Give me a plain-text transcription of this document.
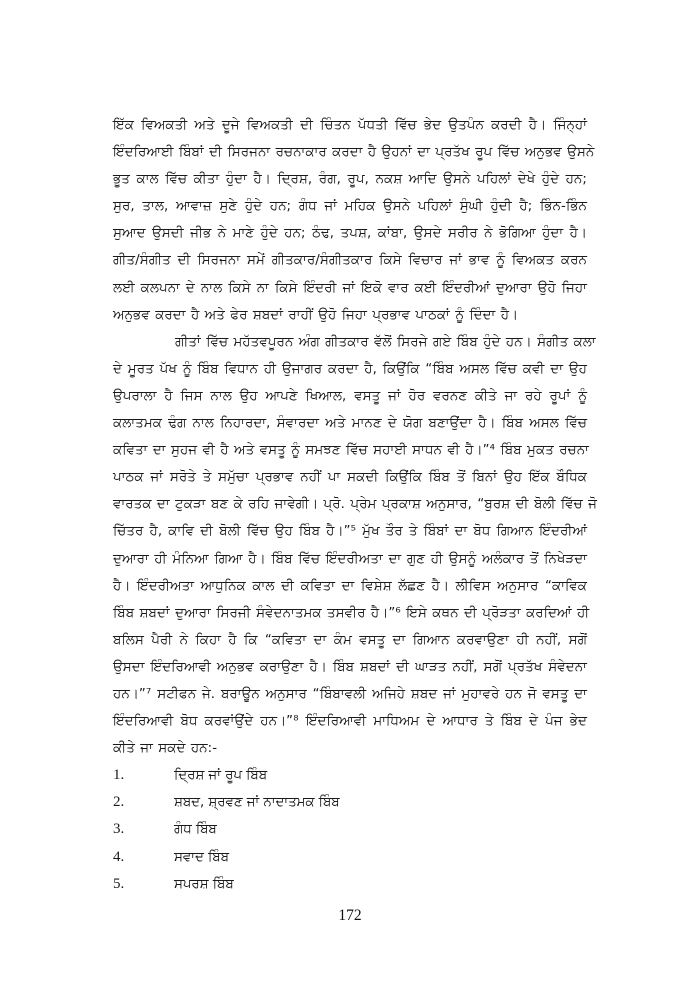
ਇੱਕ ਵਿਅਕਤੀ ਅਤੇ ਦੂਜੇ ਵਿਅਕਤੀ ਦੀ ਚਿੰਤਨ ਪੱਧਤੀ ਵਿੱਚ ਭੇਦ ਉਤਪੰਨ ਕਰਦੀ ਹੈ। ਜਿੰਨ੍ਹਾਂ
ਇੰਦਰਿਆਈ ਬਿੰਬਾਂ ਦੀ ਸਿਰਜਨਾ ਰਚਨਾਕਾਰ ਕਰਦਾ ਹੈ ਉਹਨਾਂ ਦਾ ਪ੍ਰਤੱਖ ਰੂਪ ਵਿੱਚ ਅਨੁਭਵ ਉਸਨੇ
ਭੂਤ ਕਾਲ ਵਿੱਚ ਕੀਤਾ ਹੁੰਦਾ ਹੈ। ਦ੍ਰਿਸ਼, ਰੰਗ, ਰੂਪ, ਨਕਸ਼ ਆਦਿ ਉਸਨੇ ਪਹਿਲਾਂ ਦੇਖੇ ਹੁੰਦੇ ਹਨ;
ਸੁਰ, ਤਾਲ, ਆਵਾਜ਼ ਸੁਣੇ ਹੁੰਦੇ ਹਨ; ਗੰਧ ਜਾਂ ਮਹਿਕ ਉਸਨੇ ਪਹਿਲਾਂ ਸੁੰਘੀ ਹੁੰਦੀ ਹੈ; ਭਿੰਨ-ਭਿੰਨ
ਸੁਆਦ ਉਸਦੀ ਜੀਭ ਨੇ ਮਾਣੇ ਹੁੰਦੇ ਹਨ; ਠੰਢ, ਤਪਸ਼, ਕਾਂਬਾ, ਉਸਦੇ ਸਰੀਰ ਨੇ ਭੋਗਿਆ ਹੁੰਦਾ ਹੈ।
ਗੀਤ/ਸੰਗੀਤ ਦੀ ਸਿਰਜਨਾ ਸਮੇਂ ਗੀਤਕਾਰ/ਸੰਗੀਤਕਾਰ ਕਿਸੇ ਵਿਚਾਰ ਜਾਂ ਭਾਵ ਨੂੰ ਵਿਅਕਤ ਕਰਨ
ਲਈ ਕਲਪਨਾ ਦੇ ਨਾਲ ਕਿਸੇ ਨਾ ਕਿਸੇ ਇੰਦਰੀ ਜਾਂ ਇਕੋ ਵਾਰ ਕਈ ਇੰਦਰੀਆਂ ਦੁਆਰਾ ਉਹੋ ਜਿਹਾ
ਅਨੁਭਵ ਕਰਦਾ ਹੈ ਅਤੇ ਫੇਰ ਸ਼ਬਦਾਂ ਰਾਹੀਂ ਉਹੋ ਜਿਹਾ ਪ੍ਰਭਾਵ ਪਾਠਕਾਂ ਨੂੰ ਦਿੰਦਾ ਹੈ।
ਗੀਤਾਂ ਵਿੱਚ ਮਹੱਤਵਪੂਰਨ ਅੰਗ ਗੀਤਕਾਰ ਵੱਲੋਂ ਸਿਰਜੇ ਗਏ ਬਿੰਬ ਹੁੰਦੇ ਹਨ। ਸੰਗੀਤ ਕਲਾ
ਦੇ ਮੂਰਤ ਪੱਖ ਨੂੰ ਬਿੰਬ ਵਿਧਾਨ ਹੀ ਉਜਾਗਰ ਕਰਦਾ ਹੈ, ਕਿਉਂਕਿ “ਬਿੰਬ ਅਸਲ ਵਿੱਚ ਕਵੀ ਦਾ ਉਹ
ਉਪਰਾਲਾ ਹੈ ਜਿਸ ਨਾਲ ਉਹ ਆਪਣੇ ਖਿਆਲ, ਵਸਤੂ ਜਾਂ ਹੋਰ ਵਰਨਣ ਕੀਤੇ ਜਾ ਰਹੇ ਰੂਪਾਂ ਨੂੰ
ਕਲਾਤਮਕ ਢੰਗ ਨਾਲ ਨਿਹਾਰਦਾ, ਸੰਵਾਰਦਾ ਅਤੇ ਮਾਨਣ ਦੇ ਯੋਗ ਬਣਾਉਂਦਾ ਹੈ। ਬਿੰਬ ਅਸਲ ਵਿੱਚ
ਕਵਿਤਾ ਦਾ ਸੁਹਜ ਵੀ ਹੈ ਅਤੇ ਵਸਤੂ ਨੂੰ ਸਮਝਣ ਵਿੱਚ ਸਹਾਈ ਸਾਧਨ ਵੀ ਹੈ।”⁴ ਬਿੰਬ ਮੁਕਤ ਰਚਨਾ
ਪਾਠਕ ਜਾਂ ਸਰੋਤੇ ਤੇ ਸਮੁੱਚਾ ਪ੍ਰਭਾਵ ਨਹੀਂ ਪਾ ਸਕਦੀ ਕਿਉਂਕਿ ਬਿੰਬ ਤੋਂ ਬਿਨਾਂ ਉਹ ਇੱਕ ਬੌਧਿਕ
ਵਾਰਤਕ ਦਾ ਟੁਕੜਾ ਬਣ ਕੇ ਰਹਿ ਜਾਵੇਗੀ। ਪ੍ਰੋ. ਪ੍ਰੇਮ ਪ੍ਰਕਾਸ਼ ਅਨੁਸਾਰ, “ਬੁਰਸ਼ ਦੀ ਬੋਲੀ ਵਿੱਚ ਜੋ
ਚਿੱਤਰ ਹੈ, ਕਾਵਿ ਦੀ ਬੋਲੀ ਵਿੱਚ ਉਹ ਬਿੰਬ ਹੈ।”⁵ ਮੁੱਖ ਤੌਰ ਤੇ ਬਿੰਬਾਂ ਦਾ ਬੋਧ ਗਿਆਨ ਇੰਦਰੀਆਂ
ਦੁਆਰਾ ਹੀ ਮੰਨਿਆ ਗਿਆ ਹੈ। ਬਿੰਬ ਵਿੱਚ ਇੰਦਰੀਅਤਾ ਦਾ ਗੁਣ ਹੀ ਉਸਨੂੰ ਅਲੰਕਾਰ ਤੋਂ ਨਿਖੇੜਦਾ
ਹੈ। ਇੰਦਰੀਅਤਾ ਆਧੁਨਿਕ ਕਾਲ ਦੀ ਕਵਿਤਾ ਦਾ ਵਿਸ਼ੇਸ਼ ਲੱਛਣ ਹੈ। ਲੀਵਿਸ ਅਨੁਸਾਰ “ਕਾਵਿਕ
ਬਿੰਬ ਸ਼ਬਦਾਂ ਦੁਆਰਾ ਸਿਰਜੀ ਸੰਵੇਦਨਾਤਮਕ ਤਸਵੀਰ ਹੈ।”⁶ ਇਸੇ ਕਥਨ ਦੀ ਪ੍ਰੋੜਤਾ ਕਰਦਿਆਂ ਹੀ
ਬਲਿਸ ਪੈਰੀ ਨੇ ਕਿਹਾ ਹੈ ਕਿ “ਕਵਿਤਾ ਦਾ ਕੰਮ ਵਸਤੂ ਦਾ ਗਿਆਨ ਕਰਵਾਉਣਾ ਹੀ ਨਹੀਂ, ਸਗੋਂ
ਉਸਦਾ ਇੰਦਰਿਆਵੀ ਅਨੁਭਵ ਕਰਾਉਣਾ ਹੈ। ਬਿੰਬ ਸ਼ਬਦਾਂ ਦੀ ਘਾੜਤ ਨਹੀਂ, ਸਗੋਂ ਪ੍ਰਤੱਖ ਸੰਵੇਦਨਾ
ਹਨ।”⁷ ਸਟੀਫਨ ਜੇ. ਬਰਾਊਨ ਅਨੁਸਾਰ “ਬਿੰਬਾਵਲੀ ਅਜਿਹੇ ਸ਼ਬਦ ਜਾਂ ਮੁਹਾਵਰੇ ਹਨ ਜੋ ਵਸਤੂ ਦਾ
ਇੰਦਰਿਆਵੀ ਬੋਧ ਕਰਵਾਂਉਂਦੇ ਹਨ।”⁸ ਇੰਦਰਿਆਵੀ ਮਾਧਿਅਮ ਦੇ ਆਧਾਰ ਤੇ ਬਿੰਬ ਦੇ ਪੰਜ ਭੇਦ
ਕੀਤੇ ਜਾ ਸਕਦੇ ਹਨ:-
1.	ਦ੍ਰਿਸ਼ ਜਾਂ ਰੂਪ ਬਿੰਬ
2.	ਸ਼ਬਦ, ਸ਼੍ਰਵਣ ਜਾਂ ਨਾਦਾਤਮਕ ਬਿੰਬ
3.	ਗੰਧ ਬਿੰਬ
4.	ਸਵਾਦ ਬਿੰਬ
5.	ਸਪਰਸ਼ ਬਿੰਬ
172
